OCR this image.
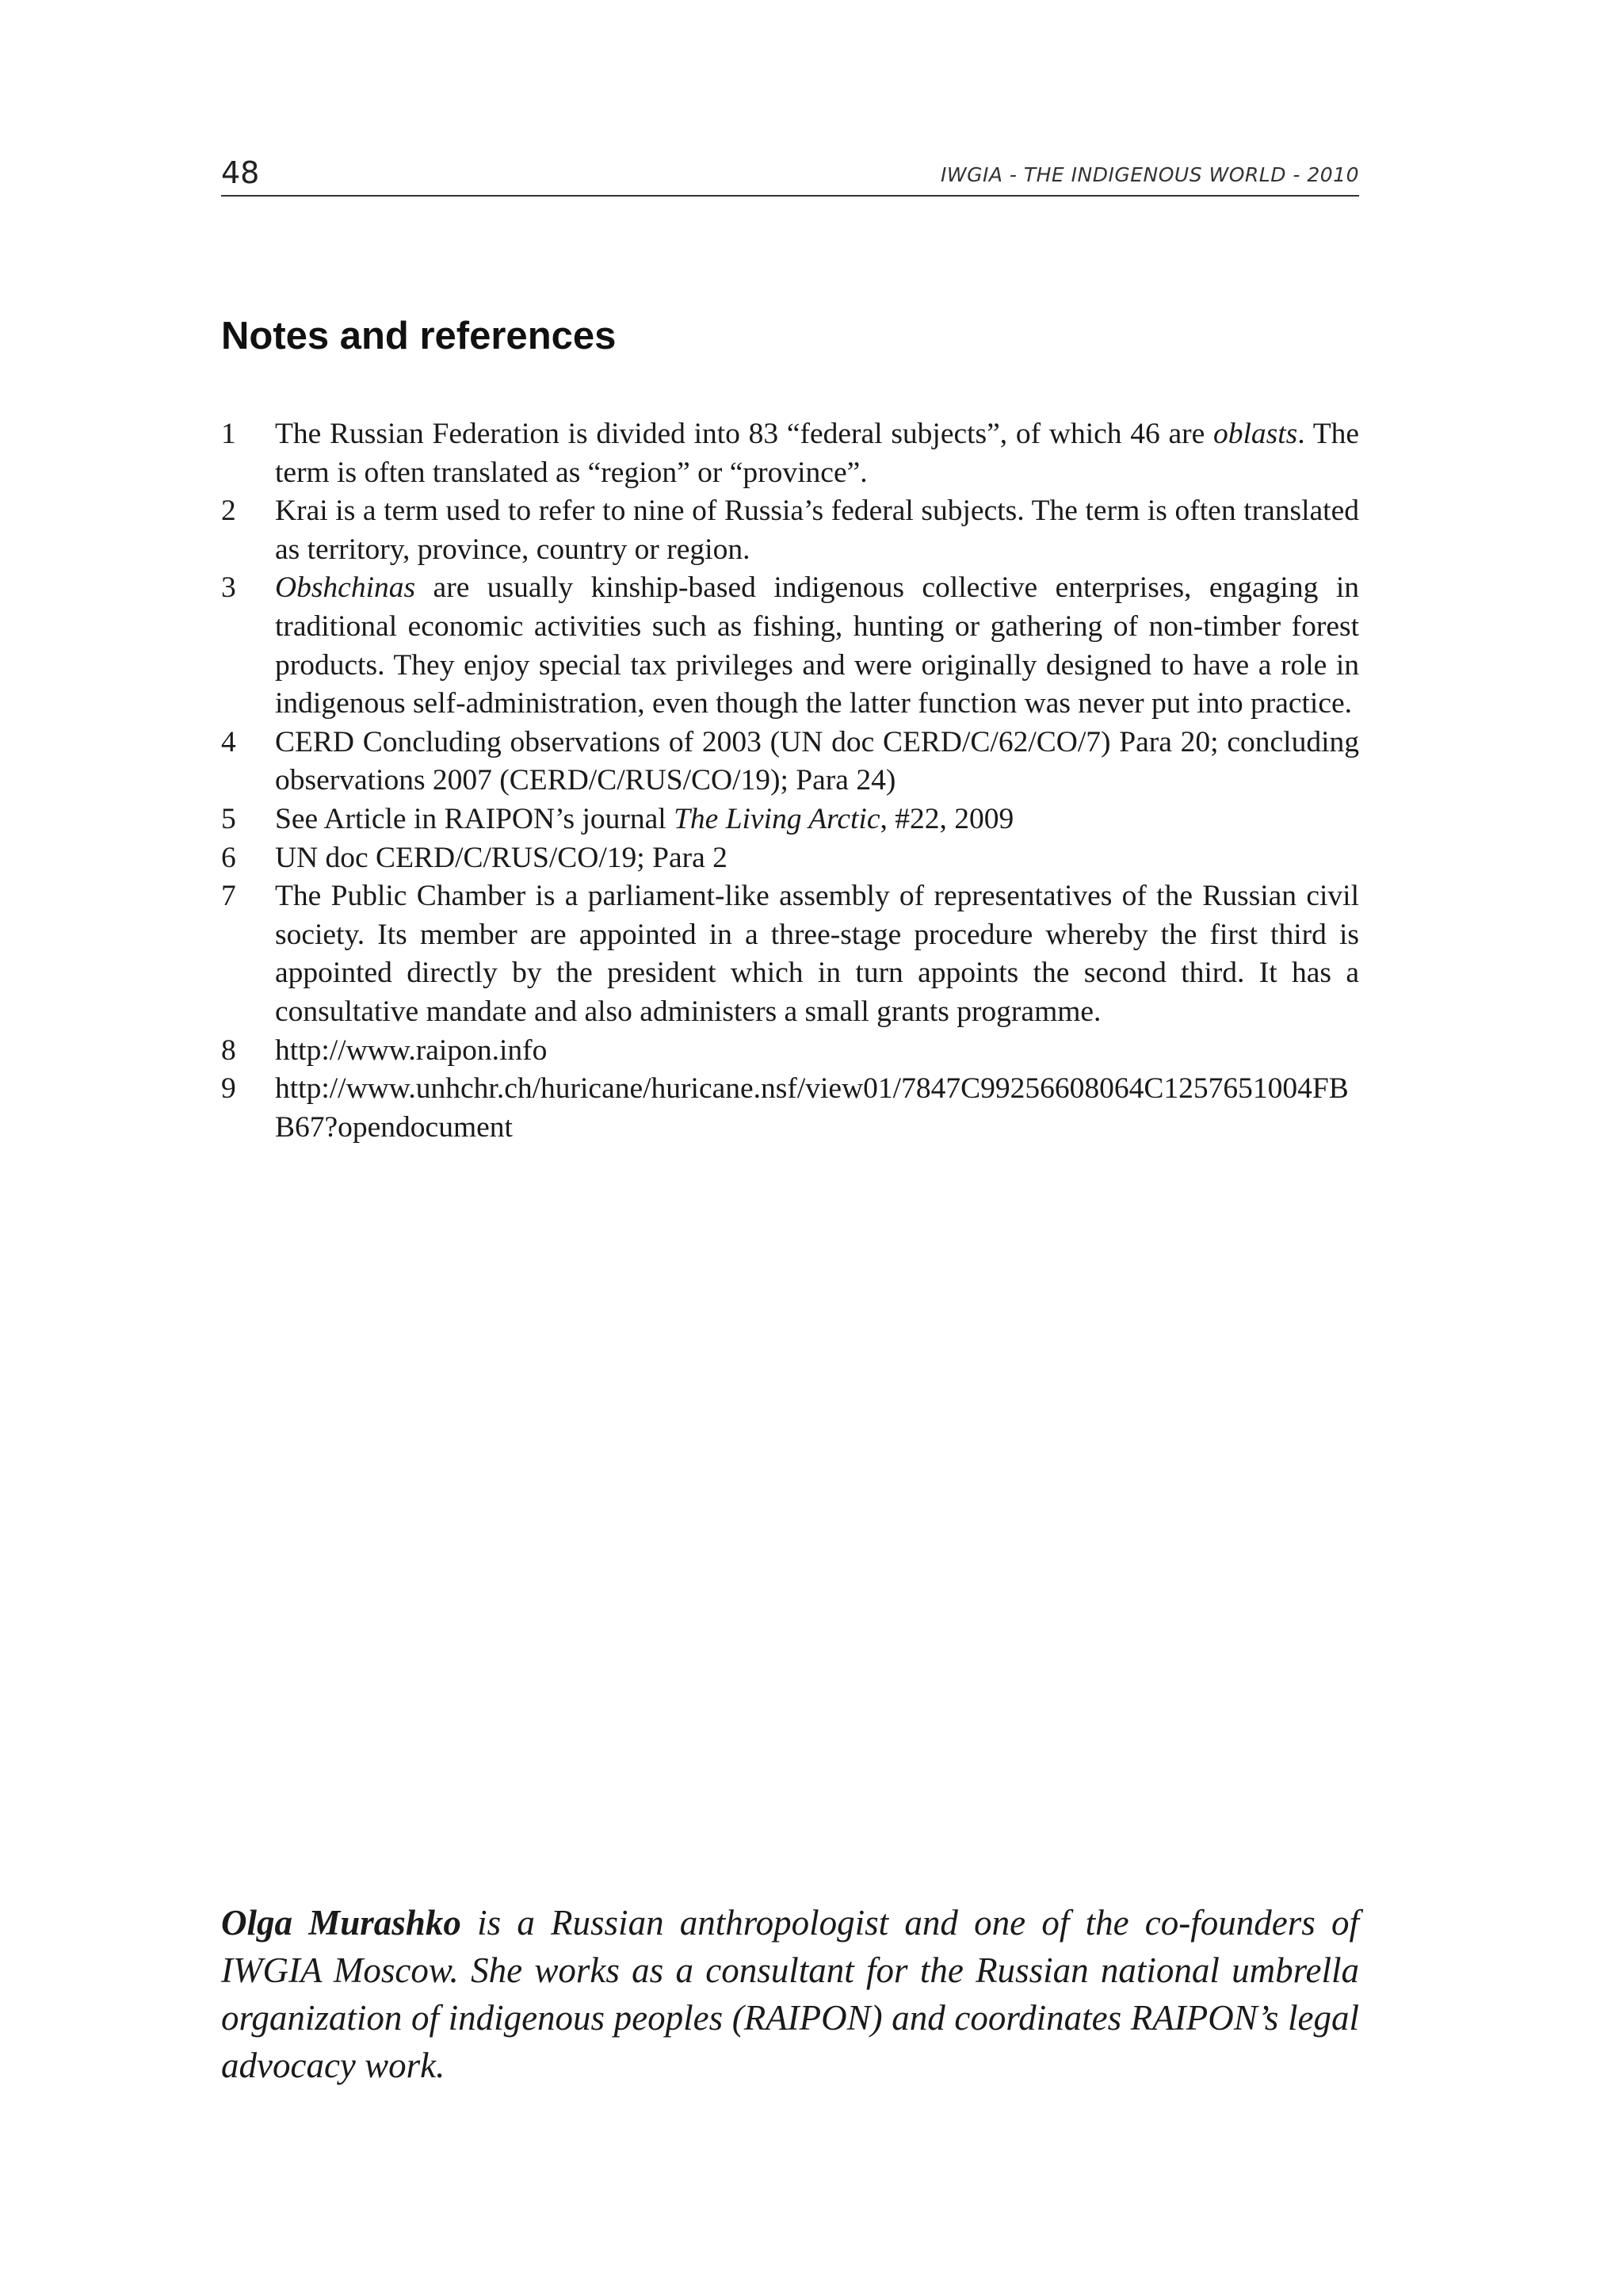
48	IWGIA - THE INDIGENOUS WORLD - 2010
Notes and references
1 The Russian Federation is divided into 83 “federal subjects”, of which 46 are oblasts. The term is often translated as “region” or “province”.
2 Krai is a term used to refer to nine of Russia’s federal subjects. The term is often translated as territory, province, country or region.
3 Obshchinas are usually kinship-based indigenous collective enterprises, engaging in traditional economic activities such as fishing, hunting or gathering of non-timber forest products. They enjoy special tax privileges and were originally designed to have a role in indigenous self-administration, even though the latter function was never put into practice.
4 CERD Concluding observations of 2003 (UN doc CERD/C/62/CO/7) Para 20; concluding observations 2007 (CERD/C/RUS/CO/19); Para 24)
5 See Article in RAIPON’s journal The Living Arctic, #22, 2009
6 UN doc CERD/C/RUS/CO/19; Para 2
7 The Public Chamber is a parliament-like assembly of representatives of the Russian civil society. Its member are appointed in a three-stage procedure whereby the first third is appointed directly by the president which in turn appoints the second third. It has a consultative mandate and also administers a small grants programme.
8 http://www.raipon.info
9 http://www.unhchr.ch/huricane/huricane.nsf/view01/7847C99256608064C1257651004FBB67?opendocument

Olga Murashko is a Russian anthropologist and one of the co-founders of IWGIA Moscow. She works as a consultant for the Russian national umbrella organization of indigenous peoples (RAIPON) and coordinates RAIPON’s legal advocacy work.
